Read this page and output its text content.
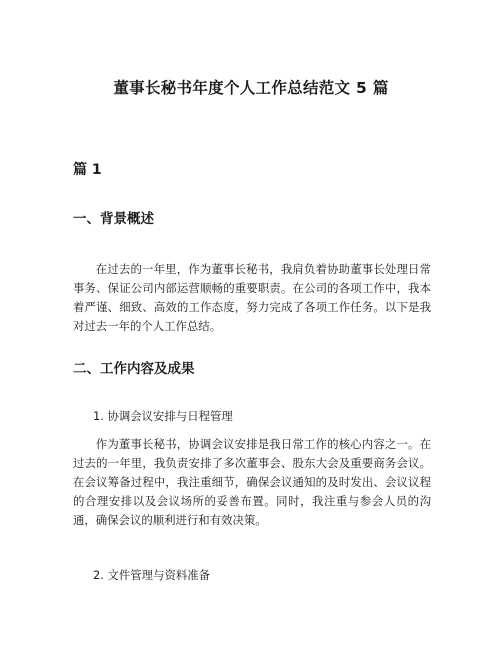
董事长秘书年度个人工作总结范文 5 篇
篇 1
一、背景概述

在过去的一年里，作为董事长秘书，我肩负着协助董事长处理日常事务、保证公司内部运营顺畅的重要职责。在公司的各项工作中，我本着严谨、细致、高效的工作态度，努力完成了各项工作任务。以下是我对过去一年的个人工作总结。

二、工作内容及成果
1. 协调会议安排与日程管理

作为董事长秘书，协调会议安排是我日常工作的核心内容之一。在过去的一年里，我负责安排了多次董事会、股东大会及重要商务会议。在会议筹备过程中，我注重细节，确保会议通知的及时发出、会议议程的合理安排以及会议场所的妥善布置。同时，我注重与参会人员的沟通，确保会议的顺利进行和有效决策。

2. 文件管理与资料准备
